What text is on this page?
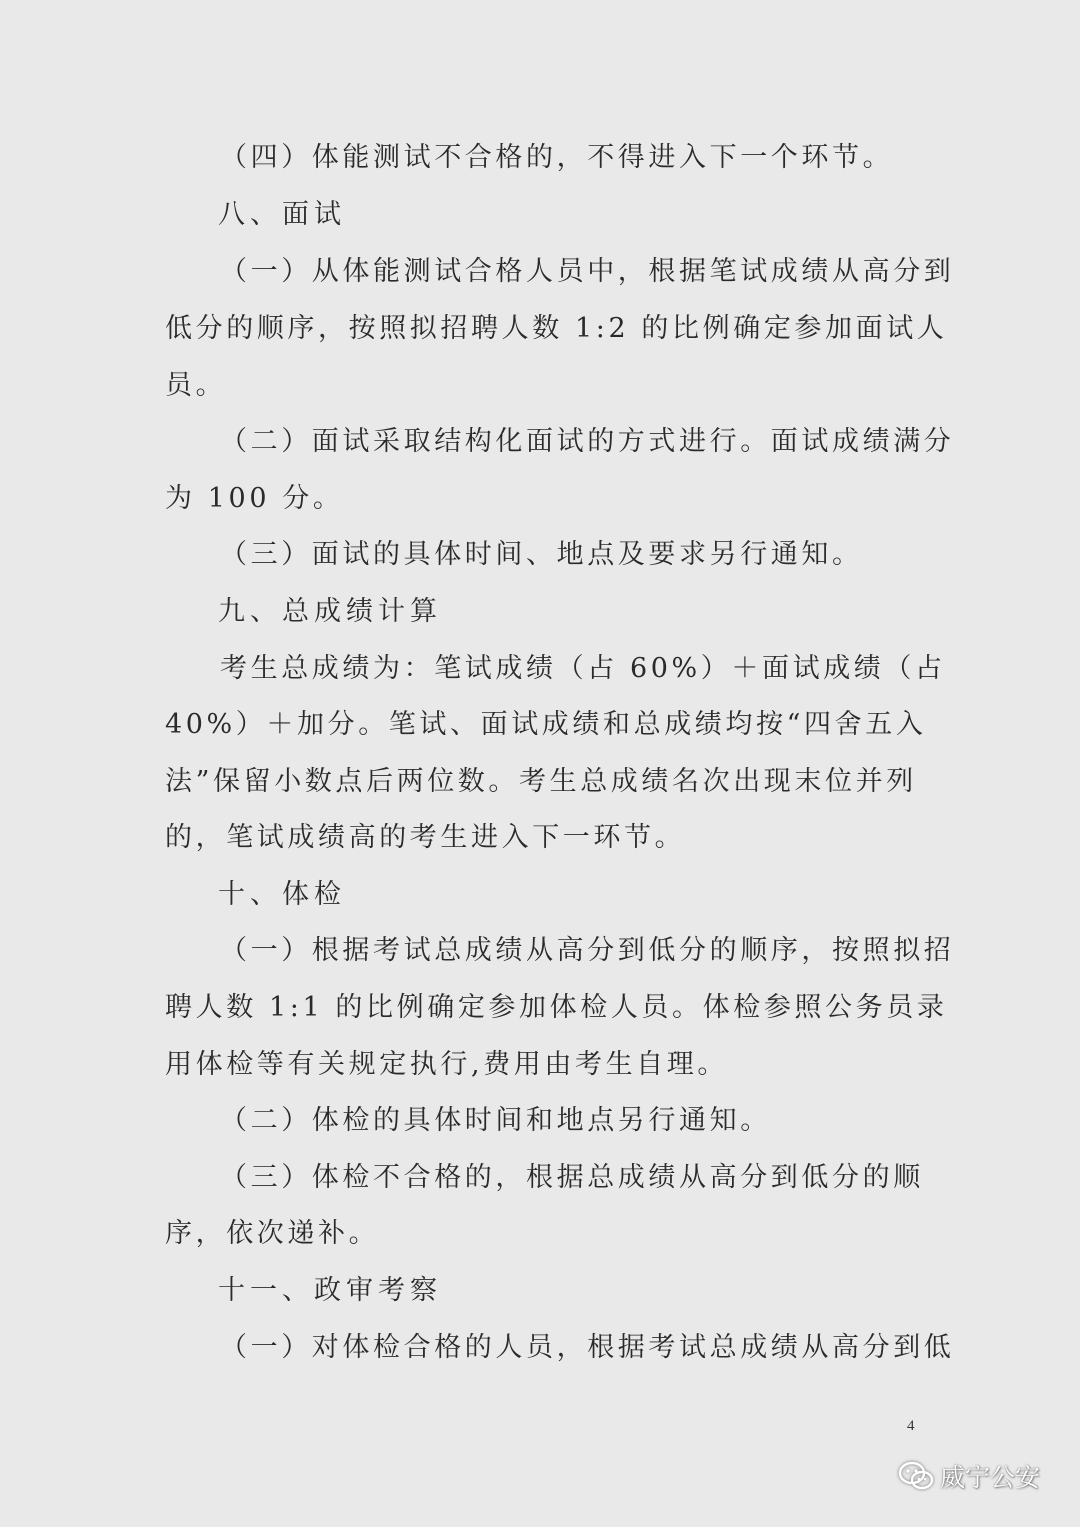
（四）体能测试不合格的，不得进入下一个环节。
八、面试
（一）从体能测试合格人员中，根据笔试成绩从高分到
低分的顺序，按照拟招聘人数 1:2 的比例确定参加面试人
员。
（二）面试采取结构化面试的方式进行。面试成绩满分
为 100 分。
（三）面试的具体时间、地点及要求另行通知。
九、总成绩计算
考生总成绩为：笔试成绩（占 60%）＋面试成绩（占
40%）＋加分。笔试、面试成绩和总成绩均按“四舍五入
法”保留小数点后两位数。考生总成绩名次出现末位并列
的，笔试成绩高的考生进入下一环节。
十、体检
（一）根据考试总成绩从高分到低分的顺序，按照拟招
聘人数 1:1 的比例确定参加体检人员。体检参照公务员录
用体检等有关规定执行,费用由考生自理。
（二）体检的具体时间和地点另行通知。
（三）体检不合格的，根据总成绩从高分到低分的顺
序，依次递补。
十一、政审考察
（一）对体检合格的人员，根据考试总成绩从高分到低
4
威宁公安
